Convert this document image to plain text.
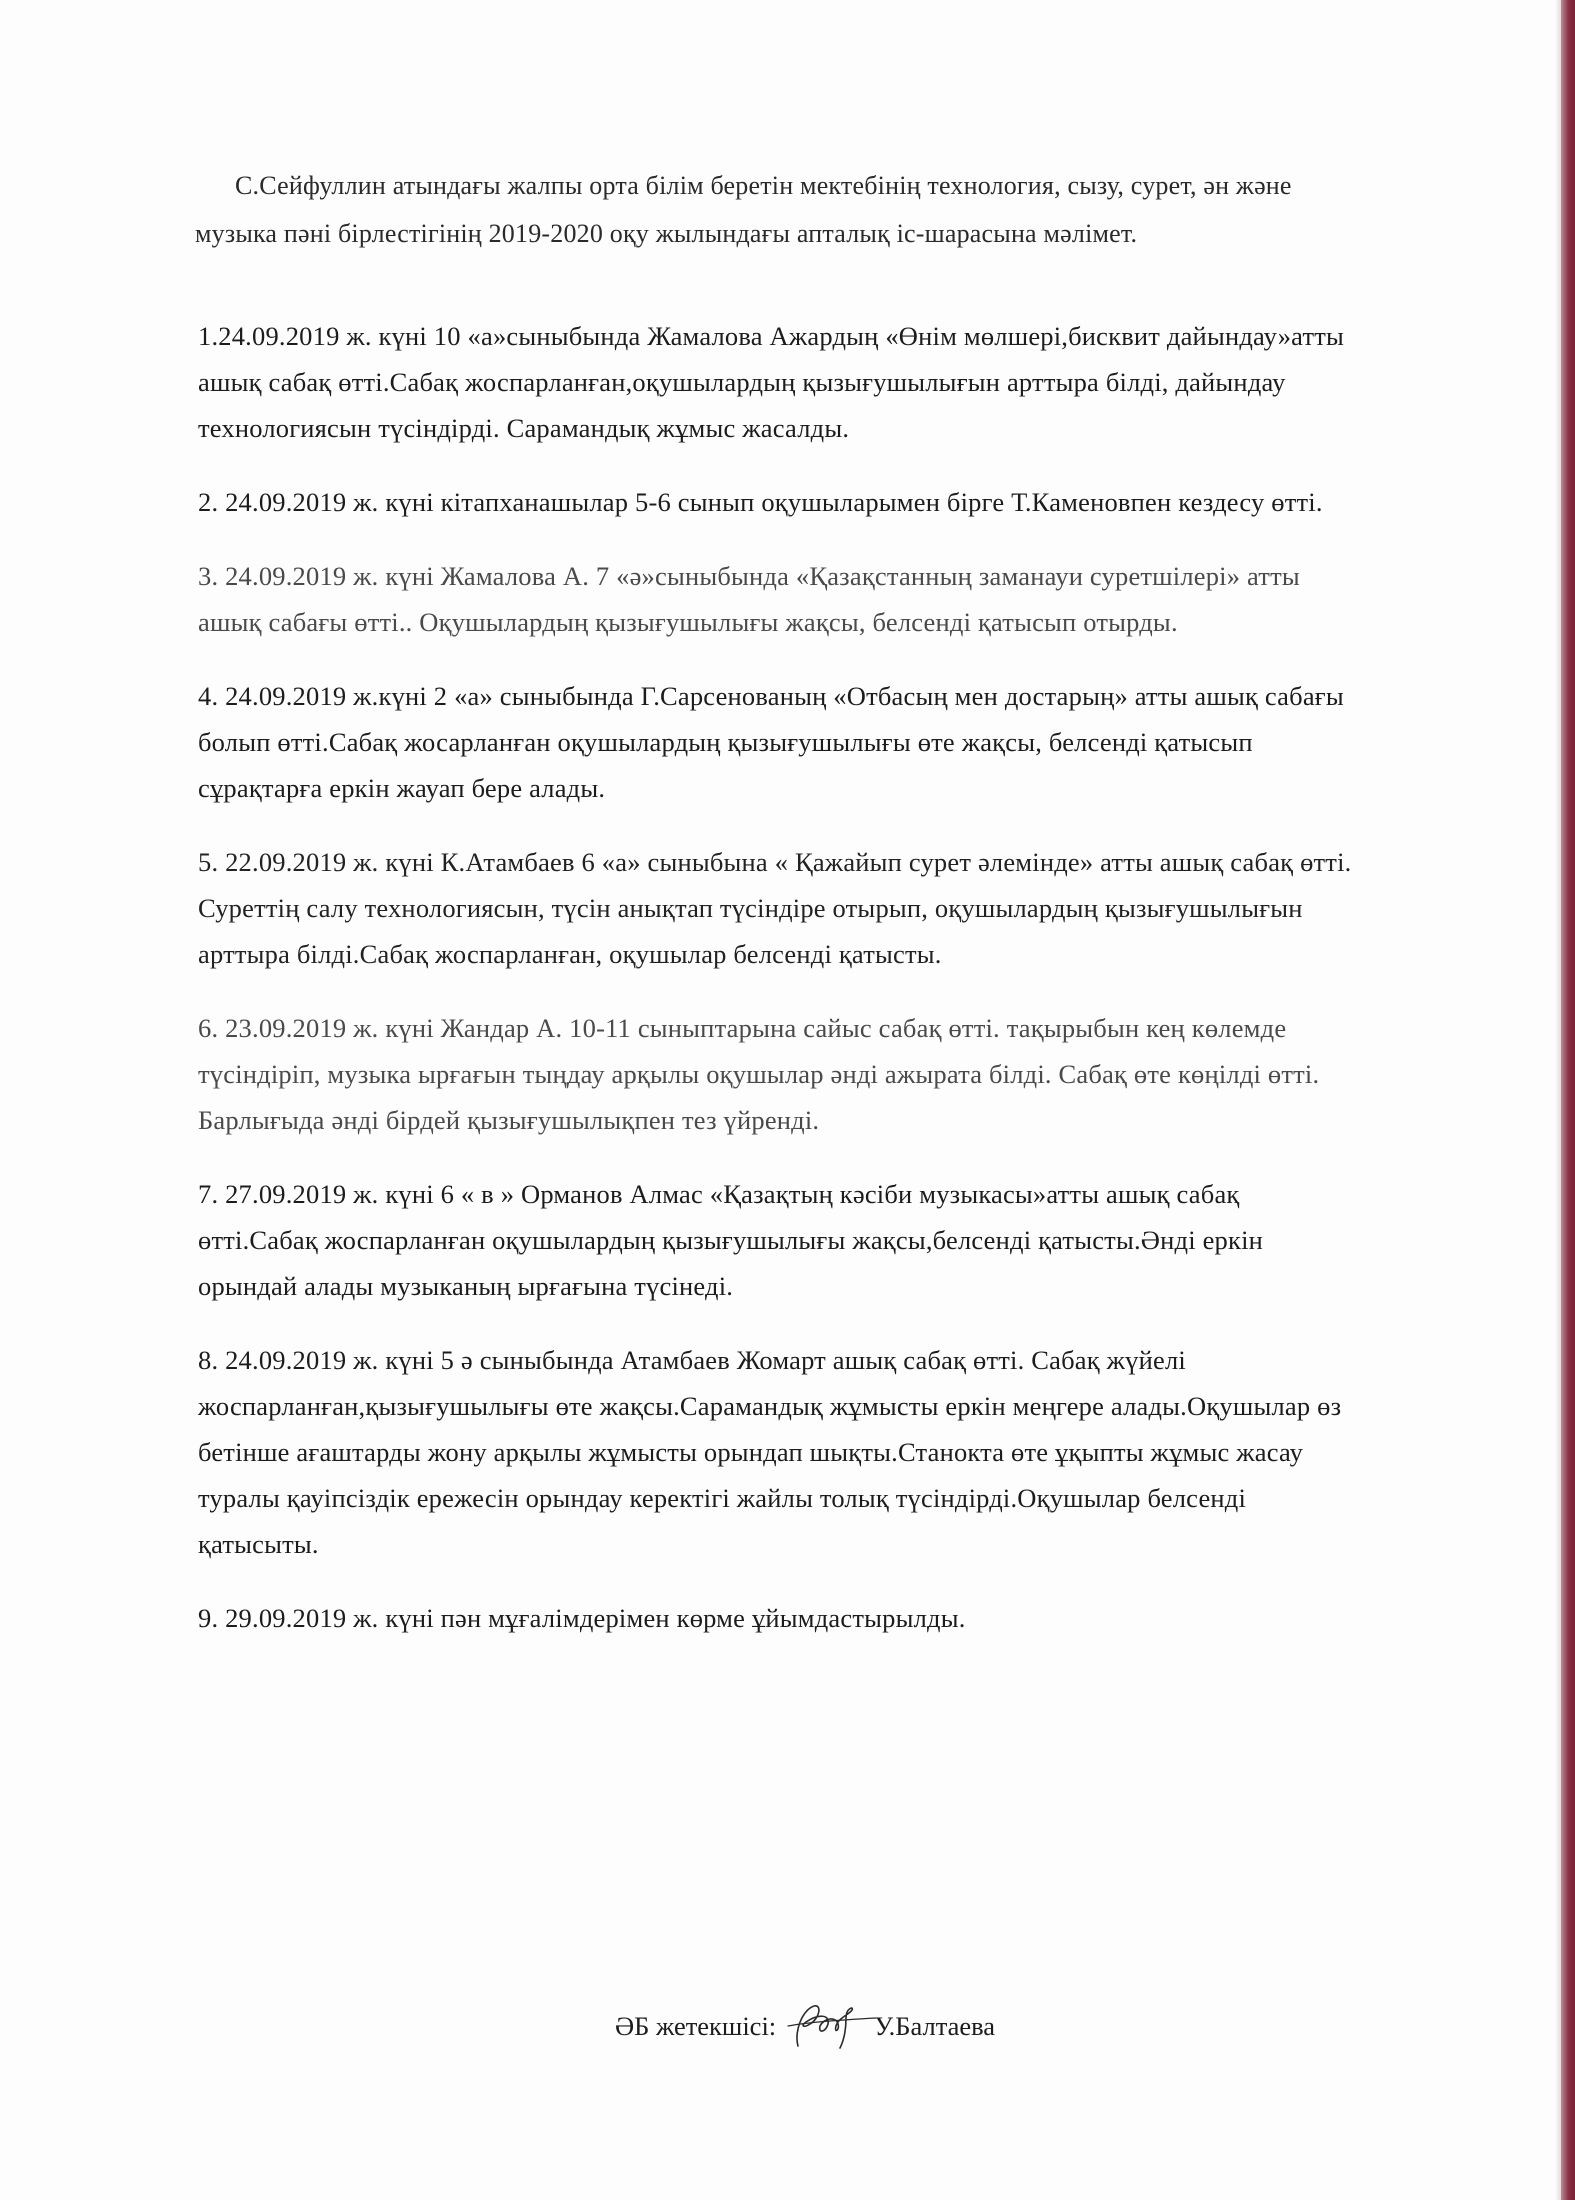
С.Сейфуллин атындағы жалпы орта білім беретін мектебінің технология, сызу, сурет, ән және музыка пәні бірлестігінің 2019-2020 оқу жылындағы апталық іс-шарасына мәлімет.

1.24.09.2019 ж. күні 10 «а»сыныбында Жамалова Ажардың «Өнім мөлшері,бисквит дайындау»атты ашық сабақ өтті.Сабақ жоспарланған,оқушылардың қызығушылығын арттыра білді, дайындау технологиясын түсіндірді. Сарамандық жұмыс жасалды.

2. 24.09.2019 ж. күні кітапханашылар 5-6 сынып оқушыларымен бірге Т.Каменовпен кездесу өтті.

3. 24.09.2019 ж. күні Жамалова А. 7 «ә»сыныбында «Қазақстанның заманауи суретшілері» атты ашық сабағы өтті.. Оқушылардың қызығушылығы жақсы, белсенді қатысып отырды.

4. 24.09.2019 ж.күні 2 «а» сыныбында Г.Сарсенованың «Отбасың мен достарың» атты ашық сабағы болып өтті.Сабақ жосарланған оқушылардың қызығушылығы өте жақсы, белсенді қатысып сұрақтарға еркін жауап бере алады.

5. 22.09.2019 ж. күні К.Атамбаев 6 «а» сыныбына « Қажайып сурет әлемінде» атты ашық сабақ өтті. Суреттің салу технологиясын, түсін анықтап түсіндіре отырып, оқушылардың қызығушылығын арттыра білді.Сабақ жоспарланған, оқушылар белсенді қатысты.

6. 23.09.2019 ж. күні Жандар А. 10-11 сыныптарына сайыс сабақ өтті. тақырыбын кең көлемде түсіндіріп, музыка ырғағын тыңдау арқылы оқушылар әнді ажырата білді. Сабақ өте көңілді өтті. Барлығыда әнді бірдей қызығушылықпен тез үйренді.

7. 27.09.2019 ж. күні 6 « в » Орманов Алмас «Қазақтың кәсіби музыкасы»атты ашық сабақ өтті.Сабақ жоспарланған оқушылардың қызығушылығы жақсы,белсенді қатысты.Әнді еркін орындай алады музыканың ырғағына түсінеді.

8. 24.09.2019 ж. күні 5 ә сыныбында Атамбаев Жомарт ашық сабақ өтті. Сабақ жүйелі жоспарланған,қызығушылығы өте жақсы.Сарамандық жұмысты еркін меңгере алады.Оқушылар өз бетінше ағаштарды жону арқылы жұмысты орындап шықты.Станокта өте ұқыпты жұмыс жасау туралы қауіпсіздік ережесін орындау керектігі жайлы толық түсіндірді.Оқушылар белсенді қатысыты.

9. 29.09.2019 ж. күні пән мұғалімдерімен көрме ұйымдастырылды.

ӘБ жетекшісі:	У.Балтаева
